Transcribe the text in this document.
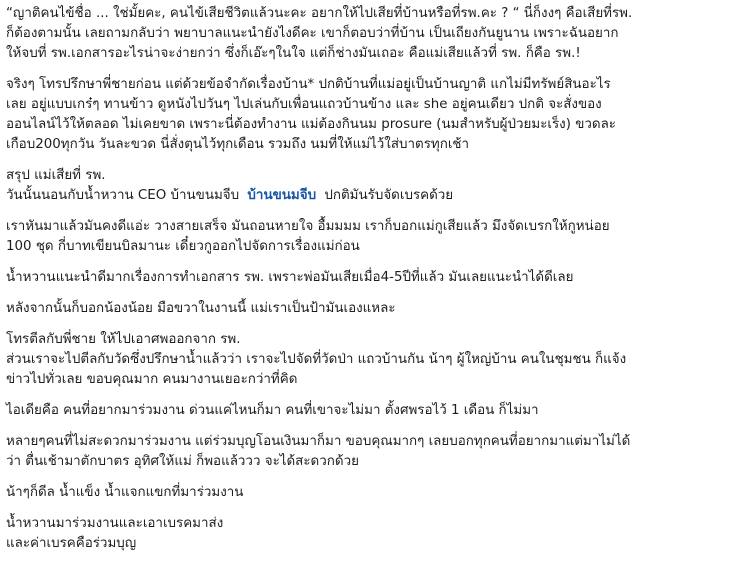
“ญาติคนไข้ชื่อ ... ใช่มั้ยคะ, คนไข้เสียชีวิตแล้วนะคะ อยากให้ไปเสียที่บ้านหรือที่รพ.คะ ? “ นี่ก็งงๆ คือเสียที่รพ.
ก็ต้องตามนั้น เลยถามกลับว่า พยาบาลแนะนำยังไงดีคะ เขาก็ตอบว่าที่บ้าน เป็นเถียงกันยูนาน เพราะฉันอยาก
ให้จบที่ รพ.เอกสารอะไรน่าจะง่ายกว่า ซึ่งก็เอ๊ะๆในใจ แต่ก็ช่างมันเถอะ คือแม่เสียแล้วที่ รพ. ก็คือ รพ.!

จริงๆ โทรปรึกษาพี่ชายก่อน แต่ด้วยข้อจำกัดเรื่องบ้าน* ปกติบ้านที่แม่อยู่เป็นบ้านญาติ แกไม่มีทรัพย์สินอะไร
เลย อยู่แบบเกร๋ๆ ทานข้าว ดูหนังไปวันๆ ไปเล่นกับเพื่อนแถวบ้านข้าง และ she อยู่คนเดียว ปกติ จะสั่งของ
ออนไลน์ไว้ให้ตลอด ไม่เคยขาด เพราะนี่ต้องทำงาน แม่ต้องกินนม prosure (นมสำหรับผู้ป่วยมะเร็ง) ขวดละ
เกือบ200ทุกวัน วันละขวด นี่สั่งตุนไว้ทุกเดือน รวมถึง นมที่ให้แม่ไว้ใส่บาตรทุกเช้า

สรุป แม่เสียที่ รพ.
วันนั้นนอนกับน้ำหวาน CEO บ้านขนมจีบ บ้านขนมจีบ ปกติมันรับจัดเบรคด้วย

เราหันมาแล้วมันคงดีแอ่ะ วางสายเสร็จ มันถอนหายใจ อื้มมมม เราก็บอกแม่กูเสียแล้ว มึงจัดเบรกให้กูหน่อย
100 ชุด กี่บาทเขียนบิลมานะ เดี๋ยวกูออกไปจัดการเรื่องแม่ก่อน

น้ำหวานแนะนำดีมากเรื่องการทำเอกสาร รพ. เพราะพ่อมันเสียเมื่อ4-5ปีที่แล้ว มันเลยแนะนำได้ดีเลย

หลังจากนั้นก็บอกน้องน้อย มือขวาในงานนี้ แม่เราเป็นป้ามันเองแหละ

โทรตีลกับพี่ชาย ให้ไปเอาศพออกจาก รพ.
ส่วนเราจะไปตีลกับวัดซึ่งปรึกษาน้ำแล้วว่า เราจะไปจัดที่วัดป่า แถวบ้านกัน น้าๆ ผู้ใหญ่บ้าน คนในชุมชน ก็แจ้ง
ข่าวไปทั่วเลย ขอบคุณมาก คนมางานเยอะกว่าที่คิด

ไอเดียคือ คนที่อยากมาร่วมงาน ด่วนแค่ไหนก็มา คนที่เขาจะไม่มา ตั้งศพรอไว้ 1 เดือน ก็ไม่มา

หลายๆคนที่ไม่สะดวกมาร่วมงาน แต่ร่วมบุญโอนเงินมาก็มา ขอบคุณมากๆ เลยบอกทุกคนที่อยากมาแต่มาไม่ได้
ว่า ตื่นเช้ามาตักบาตร อุทิศให้แม่ ก็พอแล้ววว จะได้สะดวกด้วย

น้าๆก็ดีล น้ำแข็ง น้ำแจกแขกที่มาร่วมงาน

น้ำหวานมาร่วมงานและเอาเบรคมาส่ง
และค่าเบรคคือร่วมบุญ
